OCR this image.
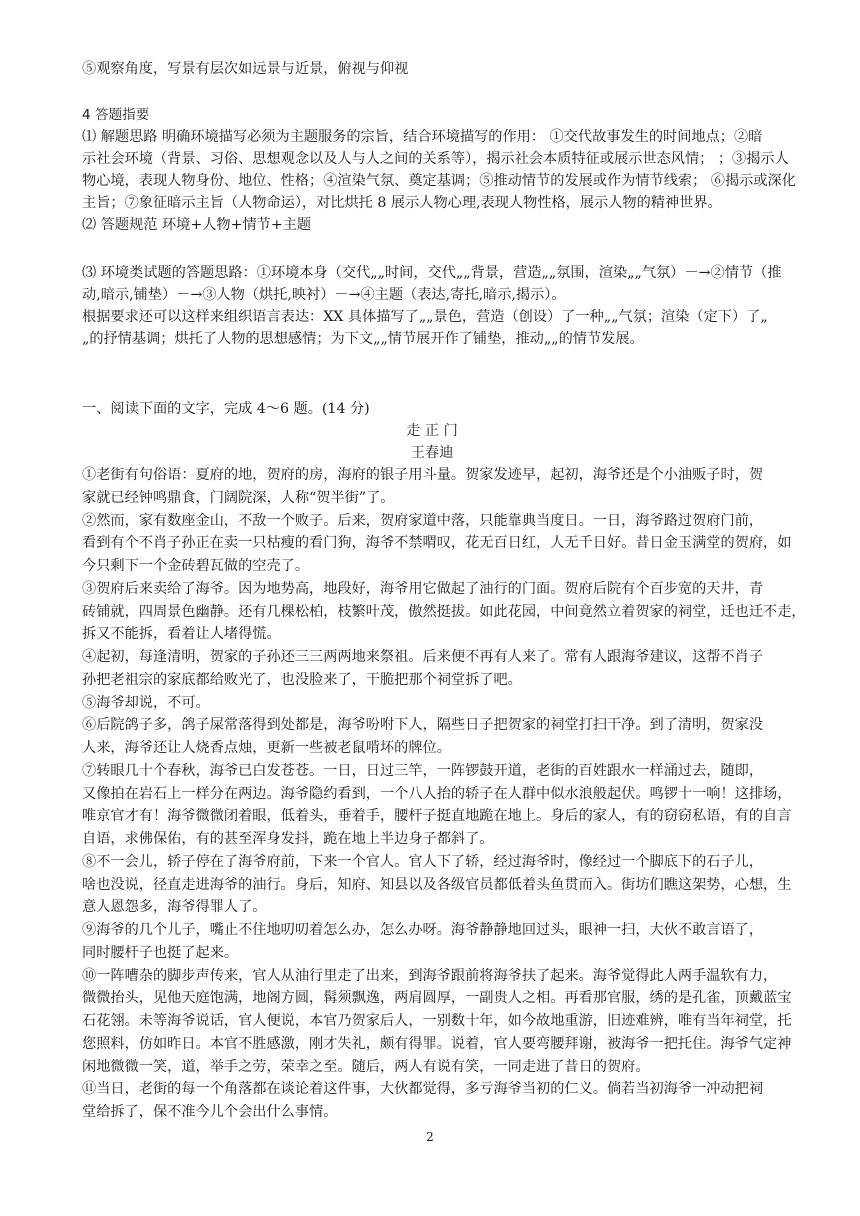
⑤观察角度，写景有层次如远景与近景，俯视与仰视
4 答题指要
⑴ 解题思路 明确环境描写必须为主题服务的宗旨，结合环境描写的作用： ①交代故事发生的时间地点；②暗
示社会环境（背景、习俗、思想观念以及人与人之间的关系等），揭示社会本质特征或展示世态风情； ；③揭示人
物心境，表现人物身份、地位、性格；④渲染气氛、奠定基调；⑤推动情节的发展或作为情节线索； ⑥揭示或深化
主旨；⑦象征暗示主旨（人物命运），对比烘托 8 展示人物心理,表现人物性格，展示人物的精神世界。
⑵ 答题规范 环境+人物+情节+主题
⑶ 环境类试题的答题思路：①环境本身（交代„„时间，交代„„背景，营造„„氛围，渲染„„气氛）－→②情节（推
动,暗示,铺垫）－→③人物（烘托,映衬）－→④主题（表达,寄托,暗示,揭示）。
根据要求还可以这样来组织语言表达：XX 具体描写了„„景色，营造（创设）了一种„„气氛；渲染（定下）了„
„的抒情基调；烘托了人物的思想感情；为下文„„情节展开作了铺垫，推动„„的情节发展。
一、阅读下面的文字，完成 4～6 题。(14 分)
走 正 门
王春迪
①老街有句俗语：夏府的地，贺府的房，海府的银子用斗量。贺家发迹早，起初，海爷还是个小油贩子时，贺
家就已经钟鸣鼎食，门阔院深，人称“贺半街”了。
②然而，家有数座金山，不敌一个败子。后来，贺府家道中落，只能靠典当度日。一日，海爷路过贺府门前，
看到有个不肖子孙正在卖一只枯瘦的看门狗，海爷不禁喟叹，花无百日红，人无千日好。昔日金玉满堂的贺府，如
今只剩下一个金砖碧瓦做的空壳了。
③贺府后来卖给了海爷。因为地势高，地段好，海爷用它做起了油行的门面。贺府后院有个百步宽的天井，青
砖铺就，四周景色幽静。还有几棵松柏，枝繁叶茂，傲然挺拔。如此花园，中间竟然立着贺家的祠堂，迁也迁不走，
拆又不能拆，看着让人堵得慌。
④起初，每逢清明，贺家的子孙还三三两两地来祭祖。后来便不再有人来了。常有人跟海爷建议，这帮不肖子
孙把老祖宗的家底都给败光了，也没脸来了，干脆把那个祠堂拆了吧。
⑤海爷却说，不可。
⑥后院鸽子多，鸽子屎常落得到处都是，海爷吩咐下人，隔些日子把贺家的祠堂打扫干净。到了清明，贺家没
人来，海爷还让人烧香点烛，更新一些被老鼠啃坏的牌位。
⑦转眼几十个春秋，海爷已白发苍苍。一日，日过三竿，一阵锣鼓开道，老街的百姓跟水一样涌过去，随即，
又像拍在岩石上一样分在两边。海爷隐约看到，一个八人抬的轿子在人群中似水浪般起伏。鸣锣十一响！这排场，
唯京官才有！海爷微微闭着眼，低着头，垂着手，腰杆子挺直地跪在地上。身后的家人，有的窃窃私语，有的自言
自语，求佛保佑，有的甚至浑身发抖，跪在地上半边身子都斜了。
⑧不一会儿，轿子停在了海爷府前，下来一个官人。官人下了轿，经过海爷时，像经过一个脚底下的石子儿，
啥也没说，径直走进海爷的油行。身后，知府、知县以及各级官员都低着头鱼贯而入。街坊们瞧这架势，心想，生
意人恩怨多，海爷得罪人了。
⑨海爷的几个儿子，嘴止不住地叨叨着怎么办，怎么办呀。海爷静静地回过头，眼神一扫，大伙不敢言语了，
同时腰杆子也挺了起来。
⑩一阵嘈杂的脚步声传来，官人从油行里走了出来，到海爷跟前将海爷扶了起来。海爷觉得此人两手温软有力，
微微抬头，见他天庭饱满，地阁方圆，髯须飘逸，两肩圆厚，一副贵人之相。再看那官服，绣的是孔雀，顶戴蓝宝
石花翎。未等海爷说话，官人便说，本官乃贺家后人，一别数十年，如今故地重游，旧迹难辨，唯有当年祠堂，托
您照料，仿如昨日。本官不胜感激，刚才失礼，颇有得罪。说着，官人要弯腰拜谢，被海爷一把托住。海爷气定神
闲地微微一笑，道，举手之劳，荣幸之至。随后，两人有说有笑，一同走进了昔日的贺府。
⑪当日，老街的每一个角落都在谈论着这件事，大伙都觉得，多亏海爷当初的仁义。倘若当初海爷一冲动把祠
堂给拆了，保不准今儿个会出什么事情。
2
